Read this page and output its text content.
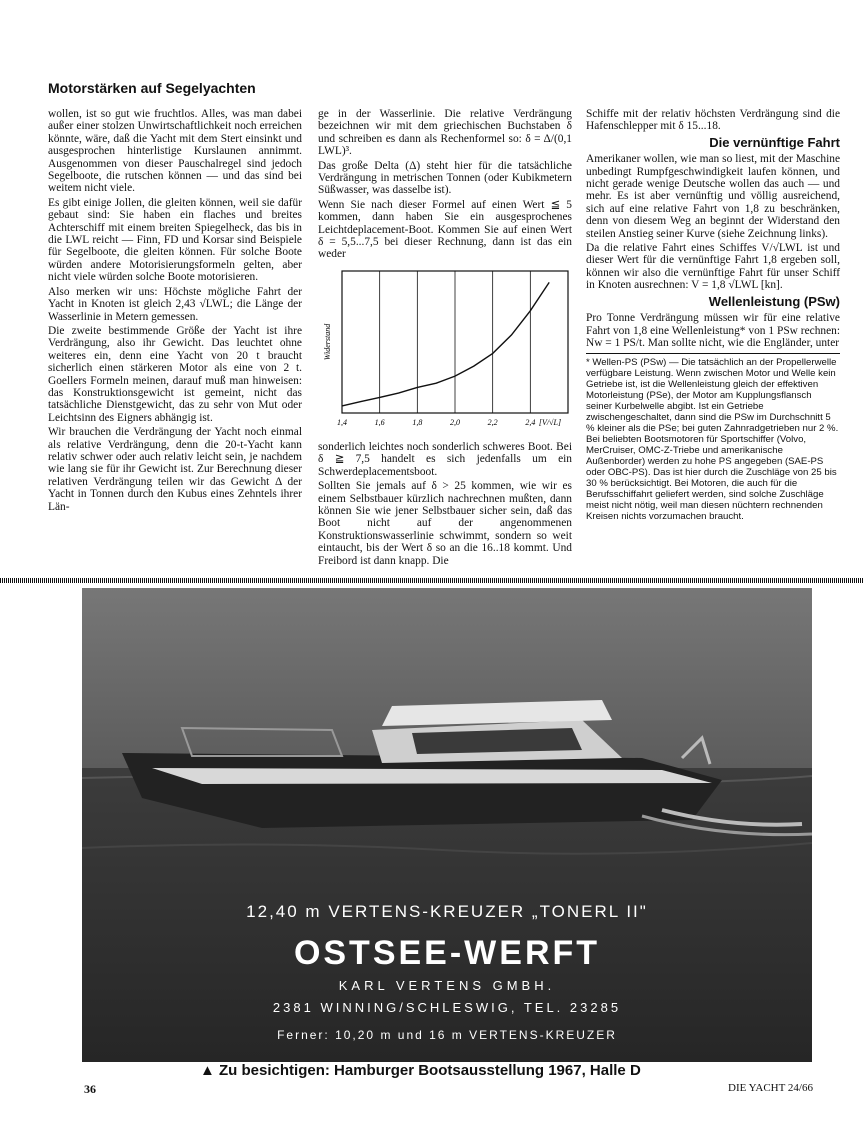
Motorstärken auf Segelyachten

wollen, ist so gut wie fruchtlos. Alles, was man dabei außer einer stolzen Unwirtschaftlichkeit noch erreichen könnte, wäre, daß die Yacht mit dem Stert einsinkt und ausgesprochen hinterlistige Kurslaunen annimmt. Ausgenommen von dieser Pauschalregel sind jedoch Segelboote, die rutschen können — und das sind bei weitem nicht viele.

Es gibt einige Jollen, die gleiten können, weil sie dafür gebaut sind: Sie haben ein flaches und breites Achterschiff mit einem breiten Spiegelheck, das bis in die LWL reicht — Finn, FD und Korsar sind Beispiele für Segelboote, die gleiten können. Für solche Boote würden andere Motorisierungsformeln gelten, aber nicht viele würden solche Boote motorisieren.

Also merken wir uns: Höchste mögliche Fahrt der Yacht in Knoten ist gleich 2,43 √LWL; die Länge der Wasserlinie in Metern gemessen.

Die zweite bestimmende Größe der Yacht ist ihre Verdrängung, also ihr Gewicht. Das leuchtet ohne weiteres ein, denn eine Yacht von 20 t braucht sicherlich einen stärkeren Motor als eine von 2 t. Goellers Formeln meinen, darauf muß man hinweisen: das Konstruktionsgewicht ist gemeint, nicht das tatsächliche Dienstgewicht, das zu sehr von Mut oder Leichtsinn des Eigners abhängig ist.

Wir brauchen die Verdrängung der Yacht noch einmal als relative Verdrängung, denn die 20-t-Yacht kann relativ schwer oder auch relativ leicht sein, je nachdem wie lang sie für ihr Gewicht ist. Zur Berechnung dieser relativen Verdrängung teilen wir das Gewicht Δ der Yacht in Tonnen durch den Kubus eines Zehntels ihrer Län-

ge in der Wasserlinie. Die relative Verdrängung bezeichnen wir mit dem griechischen Buchstaben δ und schreiben es dann als Rechenformel so: δ = Δ/(0,1 LWL)³.

Das große Delta (Δ) steht hier für die tatsächliche Verdrängung in metrischen Tonnen (oder Kubikmetern Süßwasser, was dasselbe ist).

Wenn Sie nach dieser Formel auf einen Wert ≦ 5 kommen, dann haben Sie ein ausgesprochenes Leichtdeplacement-Boot. Kommen Sie auf einen Wert δ = 5,5...7,5 bei dieser Rechnung, dann ist das ein weder

1,4	1,6	1,8	2,0	2,2	2,4 [V/√L]
Widerstand

sonderlich leichtes noch sonderlich schweres Boot. Bei δ ≧ 7,5 handelt es sich jedenfalls um ein Schwerdeplacementsboot.

Sollten Sie jemals auf δ > 25 kommen, wie wir es einem Selbstbauer kürzlich nachrechnen mußten, dann können Sie wie jener Selbstbauer sicher sein, daß das Boot nicht auf der angenommenen Konstruktionswasserlinie schwimmt, sondern so weit eintaucht, bis der Wert δ so an die 16..18 kommt. Und Freibord ist dann knapp. Die

Schiffe mit der relativ höchsten Verdrängung sind die Hafenschlepper mit δ 15...18.

Die vernünftige Fahrt

Amerikaner wollen, wie man so liest, mit der Maschine unbedingt Rumpfgeschwindigkeit laufen können, und nicht gerade wenige Deutsche wollen das auch — und mehr. Es ist aber vernünftig und völlig ausreichend, sich auf eine relative Fahrt von 1,8 zu beschränken, denn von diesem Weg an beginnt der Widerstand den steilen Anstieg seiner Kurve (siehe Zeichnung links).

Da die relative Fahrt eines Schiffes V/√LWL ist und dieser Wert für die vernünftige Fahrt 1,8 ergeben soll, können wir also die vernünftige Fahrt für unser Schiff in Knoten ausrechnen: V = 1,8 √LWL [kn].

Wellenleistung (PSw)

Pro Tonne Verdrängung müssen wir für eine relative Fahrt von 1,8 eine Wellenleistung* von 1 PSw rechnen: Nw = 1 PS/t. Man sollte nicht, wie die Engländer, unter

* Wellen-PS (PSw) — Die tatsächlich an der Propellerwelle verfügbare Leistung. Wenn zwischen Motor und Welle kein Getriebe ist, ist die Wellenleistung gleich der effektiven Motorleistung (PSe), der Motor am Kupplungsflansch seiner Kurbelwelle abgibt. Ist ein Getriebe zwischengeschaltet, dann sind die PSw im Durchschnitt 5 % kleiner als die PSe; bei guten Zahnradgetrieben nur 2 %. Bei beliebten Bootsmotoren für Sportschiffer (Volvo, MerCruiser, OMC-Z-Triebe und amerikanische Außenborder) werden zu hohe PS angegeben (SAE-PS oder OBC-PS). Das ist hier durch die Zuschläge von 25 bis 30 % berücksichtigt. Bei Motoren, die auch für die Berufsschiffahrt geliefert werden, sind solche Zuschläge meist nicht nötig, weil man diesen nüchtern rechnenden Kreisen nichts vorzumachen braucht.
12,40 m VERTENS-KREUZER „TONERL II"
OSTSEE-WERFT
KARL VERTENS GMBH.
2381 WINNING/SCHLESWIG, TEL. 23285
Ferner: 10,20 m und 16 m VERTENS-KREUZER
▲ Zu besichtigen: Hamburger Bootsausstellung 1967, Halle D
36	DIE YACHT 24/66
